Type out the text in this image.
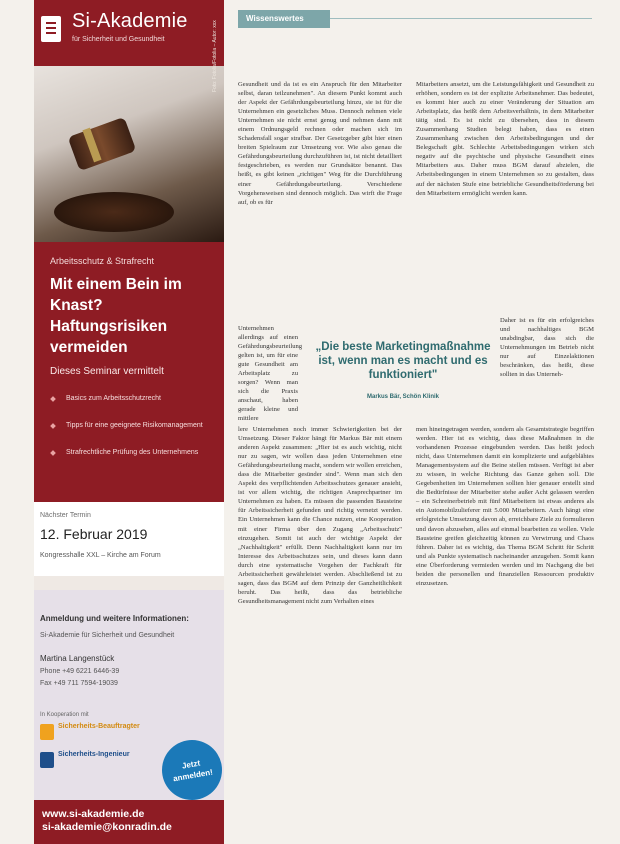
Si-Akademie
für Sicherheit und Gesundheit	Foto: Fotolia/Fotolia – Autor: xxx
Arbeitsschutz & Strafrecht
Mit einem Bein im Knast? Haftungsrisiken vermeiden
Dieses Seminar vermittelt
Basics zum Arbeitsschutzrecht
Tipps für eine geeignete Risikomanagement
Strafrechtliche Prüfung des Unternehmens
Nächster Termin
12. Februar 2019
Kongresshalle XXL – Kirche am Forum
Anmeldung und weitere Informationen:
Si-Akademie für Sicherheit und Gesundheit
Martina Langenstück
Phone +49 6221 6446-39
Fax +49 711 7594-19039
In Kooperation mit
Sicherheits-Beauftragter
Sicherheits-Ingenieur
Jetzt anmelden!
www.si-akademie.de
si-akademie@konradin.de
Wissenswertes

Gesundheit und da ist es ein Anspruch für den Mitarbeiter selbst, daran teilzunehmen". An diesem Punkt kommt auch der Aspekt der Gefährdungsbeurteilung hinzu, sie ist für die Unternehmen ein gesetzliches Muss. Dennoch nehmen viele Unternehmen sie nicht ernst genug und nehmen dann mit einem Ordnungsgeld rechnen oder machen sich im Schadensfall sogar strafbar. Der Gesetzgeber gibt hier einen breiten Spielraum zur Umsetzung vor. Wie also genau die Gefährdungsbeurteilung durchzuführen ist, ist nicht detailliert festgeschrieben, es werden nur Grundsätze benannt. Das heißt, es gibt keinen „richtigen" Weg für die Durchführung einer Gefährdungsbeurteilung. Verschiedene Vorgehensweisen sind dennoch möglich. Das wirft die Frage auf, ob es für

Unternehmen allerdings auf einen Gefährdungsbeurteilung gelten ist, um für eine gute Gesundheit am Arbeitsplatz zu sorgen? Wenn man sich die Praxis anschaut, haben gerade kleine und mittlere

lere Unternehmen noch immer Schwierigkeiten bei der Umsetzung. Dieser Faktor hängt für Markus Bär mit einem anderen Aspekt zusammen: „Hier ist es auch wichtig, nicht nur zu sagen, wir wollen dass jeden Unternehmen eine Gefährdungsbeurteilung macht, sondern wir wollen erreichen, dass die Mitarbeiter gesünder sind". Wenn man sich den Aspekt des verpflichtenden Arbeitsschutzes genauer ansieht, ist vor allem wichtig, die richtigen Ansprechpartner im Unternehmen zu haben. Es müssen die passenden Bausteine für Arbeitssicherheit gefunden und richtig vernetzt werden. Ein Unternehmen kann die Chance nutzen, eine Kooperation mit einer Firma über den Zugang „Arbeitsschutz" einzugehen. Somit ist auch der wichtige Aspekt der „Nachhaltigkeit" erfüllt. Denn Nachhaltigkeit kann nur im Interesse des Arbeitsschutzes sein, und dieses kann dann durch eine systematische Vorgehen der Fachkraft für Arbeitssicherheit gewährleistet werden. Abschließend ist zu sagen, dass das BGM auf dem Prinzip der Ganzheitlichkeit beruht. Das heißt, dass das betriebliche Gesundheitsmanagement nicht zum Verhalten eines

Mitarbeiters ansetzt, um die Leistungsfähigkeit und Gesundheit zu erhöhen, sondern es ist der explizite Arbeitsnehmer. Das bedeutet, es kommt hier auch zu einer Veränderung der Situation am Arbeitsplatz, das heißt dem Arbeitsverhältnis, in dem Mitarbeiter tätig sind. Es ist nicht zu übersehen, dass in diesem Zusammenhang Studien belegt haben, dass es einen Zusammenhang zwischen den Arbeitsbedingungen und der Belegschaft gibt. Schlechte Arbeitsbedingungen wirken sich negativ auf die psychische und physische Gesundheit eines Mitarbeiters aus. Daher muss BGM darauf abzielen, die Arbeitsbedingungen in einem Unternehmen so zu gestalten, dass auf der nächsten Stufe eine betriebliche Gesundheitsförderung bei den Mitarbeitern ermöglicht werden kann.

Daher ist es für ein erfolgreiches und nachhaltiges BGM unabdingbar, dass sich die Unternehmungen im Betrieb nicht nur auf Einzelaktionen beschränken, das heißt, diese sollten in das Unterneh-

men hineingetragen werden, sondern als Gesamtstrategie begriffen werden. Hier ist es wichtig, dass diese Maßnahmen in die vorhandenen Prozesse eingebunden werden. Das heißt jedoch nicht, dass Unternehmen damit ein komplizierte und aufgeblähtes Managementsystem auf die Beine stellen müssen. Verfügt ist aber zu wissen, in welche Richtung das Ganze gehen soll. Die Gegebenheiten im Unternehmen sollten hier genauer erstellt sind die Bedürfnisse der Mitarbeiter stehe außer Acht gelassen werden – ein Schreinerbetrieb mit fünf Mitarbeitern ist etwas anderes als ein Automobilzulieferer mit 5.000 Mitarbeitern. Auch hängt eine erfolgreiche Umsetzung davon ab, erreichbare Ziele zu formulieren und davon abzusehen, alles auf einmal bearbeiten zu wollen. Viele Bausteine greifen gleichzeitig können zu Verwirrung und Chaos führen. Daher ist es wichtig, das Thema BGM Schritt für Schritt und als Punkte systematisch nacheinander anzugehen. Somit kann eine Überforderung vermieden werden und im Nachgang die bei beiden die personellen und finanziellen Ressourcen produktiv einzusetzen.

„Die beste Marketingmaßnahme ist, wenn man es macht und es funktioniert"
Markus Bär, Schön Klinik
